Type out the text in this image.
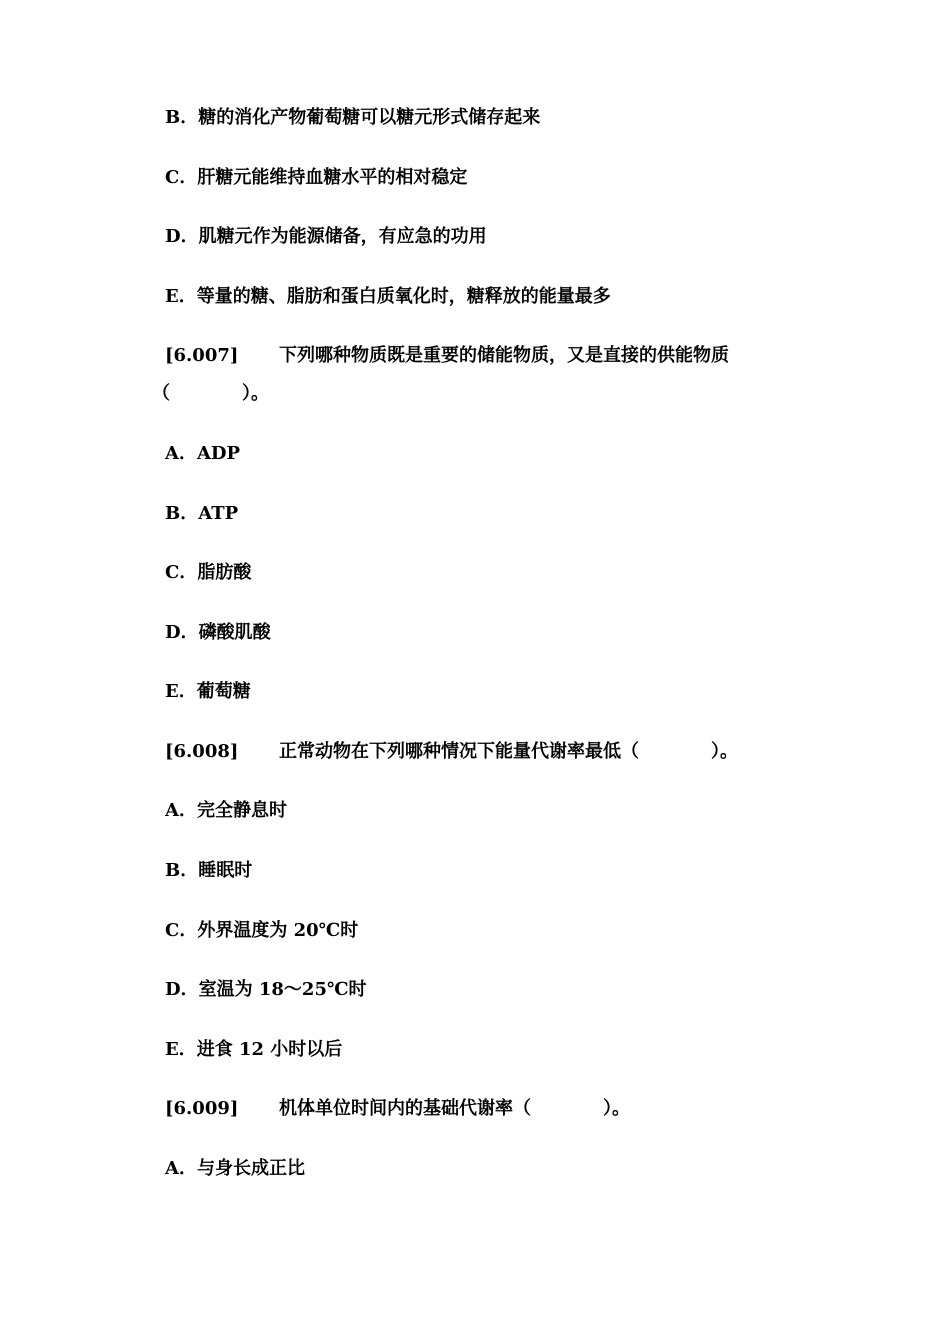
B．糖的消化产物葡萄糖可以糖元形式储存起来
C．肝糖元能维持血糖水平的相对稳定
D．肌糖元作为能源储备，有应急的功用
E．等量的糖、脂肪和蛋白质氧化时，糖释放的能量最多
[6.007] 下列哪种物质既是重要的储能物质，又是直接的供能物质
（　　　　）。
A．ADP
B．ATP
C．脂肪酸
D．磷酸肌酸
E．葡萄糖
[6.008] 正常动物在下列哪种情况下能量代谢率最低（　　　　）。
A．完全静息时
B．睡眠时
C．外界温度为 20℃时
D．室温为 18～25℃时
E．进食 12 小时以后
[6.009] 机体单位时间内的基础代谢率（　　　　）。
A．与身长成正比
